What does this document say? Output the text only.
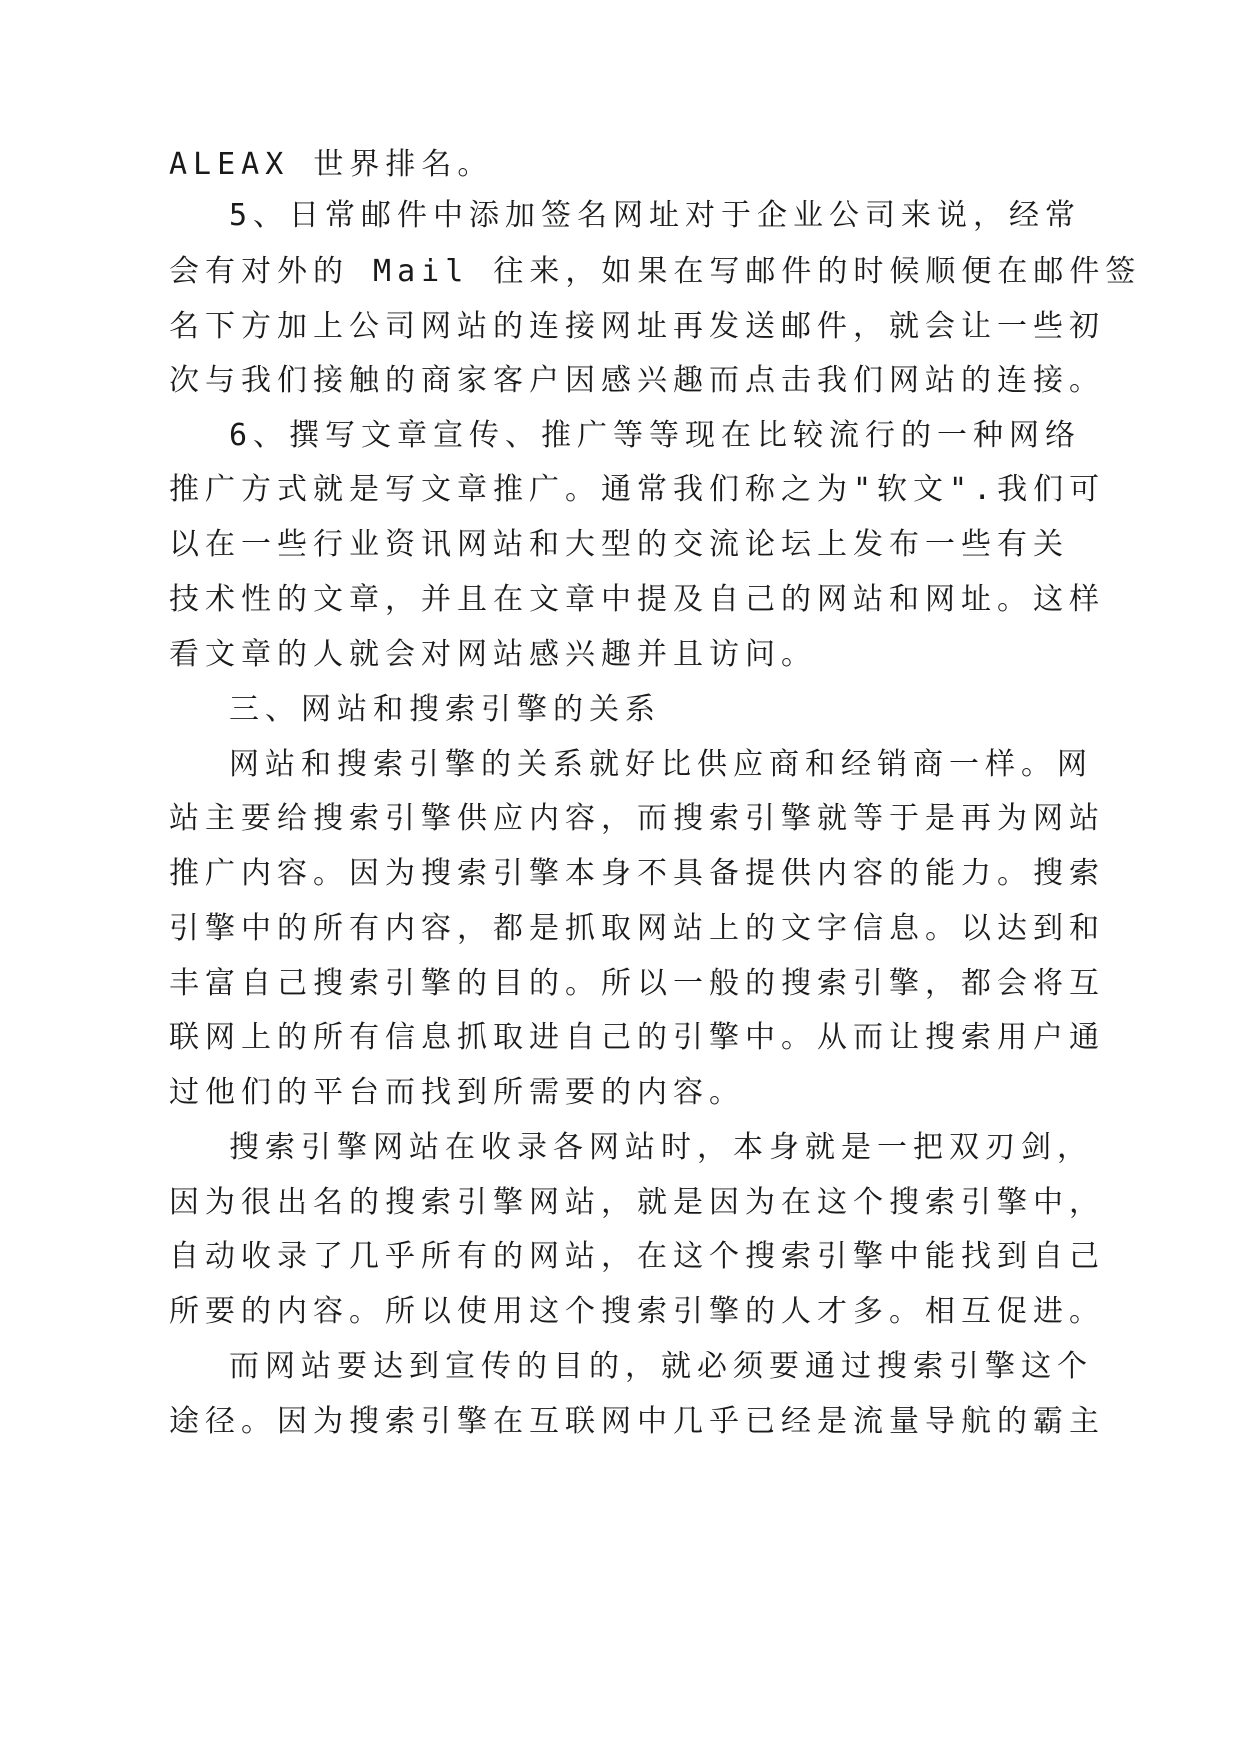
ALEAX 世界排名。
5、日常邮件中添加签名网址对于企业公司来说，经常
会有对外的 Mail 往来，如果在写邮件的时候顺便在邮件签
名下方加上公司网站的连接网址再发送邮件，就会让一些初
次与我们接触的商家客户因感兴趣而点击我们网站的连接。
6、撰写文章宣传、推广等等现在比较流行的一种网络
推广方式就是写文章推广。通常我们称之为"软文".我们可
以在一些行业资讯网站和大型的交流论坛上发布一些有关
技术性的文章，并且在文章中提及自己的网站和网址。这样
看文章的人就会对网站感兴趣并且访问。
三、网站和搜索引擎的关系
网站和搜索引擎的关系就好比供应商和经销商一样。网
站主要给搜索引擎供应内容，而搜索引擎就等于是再为网站
推广内容。因为搜索引擎本身不具备提供内容的能力。搜索
引擎中的所有内容，都是抓取网站上的文字信息。以达到和
丰富自己搜索引擎的目的。所以一般的搜索引擎，都会将互
联网上的所有信息抓取进自己的引擎中。从而让搜索用户通
过他们的平台而找到所需要的内容。
搜索引擎网站在收录各网站时，本身就是一把双刃剑，
因为很出名的搜索引擎网站，就是因为在这个搜索引擎中，
自动收录了几乎所有的网站，在这个搜索引擎中能找到自己
所要的内容。所以使用这个搜索引擎的人才多。相互促进。
而网站要达到宣传的目的，就必须要通过搜索引擎这个
途径。因为搜索引擎在互联网中几乎已经是流量导航的霸主
